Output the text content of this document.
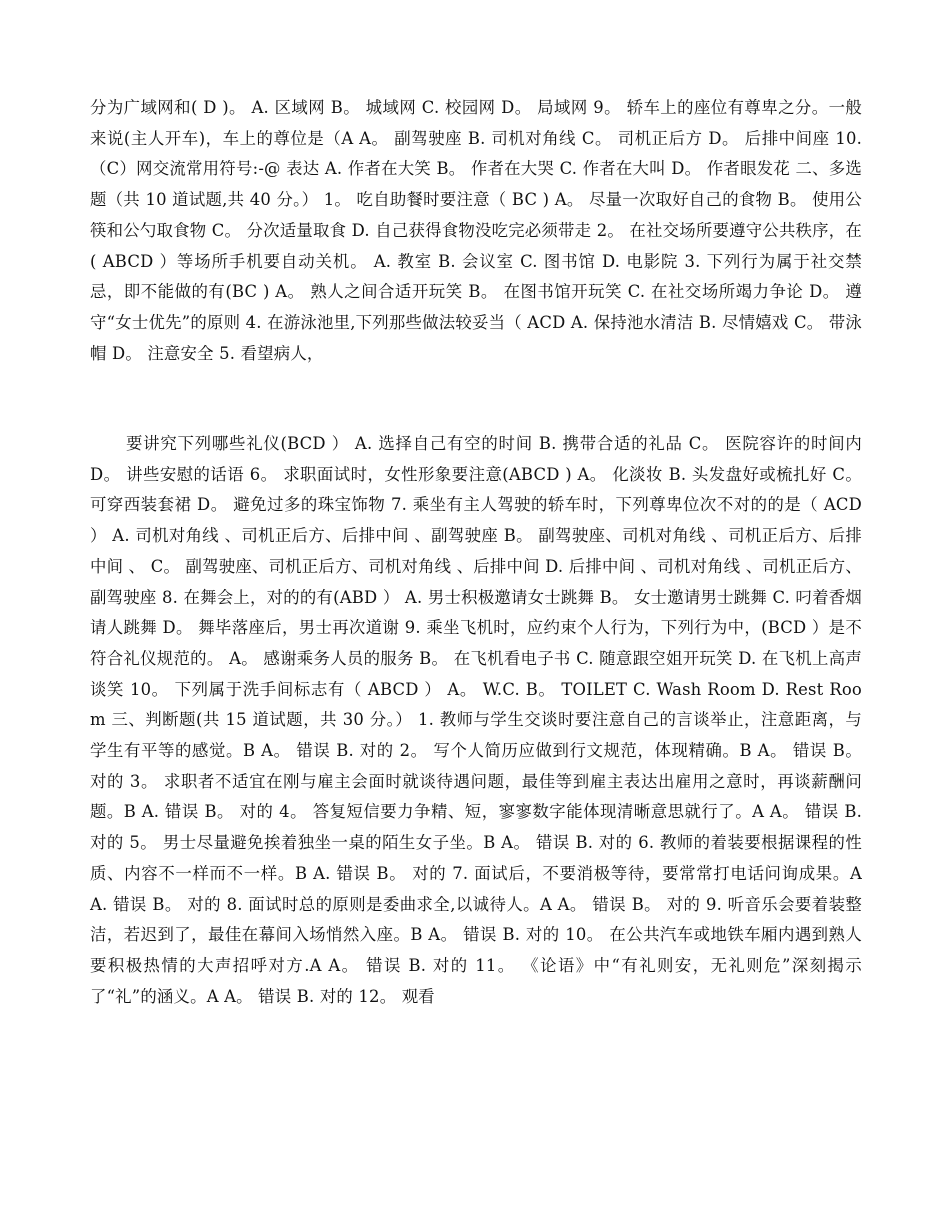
分为广域网和( D )。 A. 区域网 B。 城域网 C. 校园网 D。 局域网 9。 轿车上的座位有尊卑之分。一般来说(主人开车)，车上的尊位是（A A。 副驾驶座 B. 司机对角线 C。 司机正后方 D。 后排中间座 10. （C）网交流常用符号:-@ 表达 A. 作者在大笑 B。 作者在大哭 C. 作者在大叫 D。 作者眼发花 二、多选题（共 10 道试题,共 40 分。） 1。 吃自助餐时要注意（ BC ) A。 尽量一次取好自己的食物 B。 使用公筷和公勺取食物 C。 分次适量取食 D. 自己获得食物没吃完必须带走 2。 在社交场所要遵守公共秩序，在( ABCD ）等场所手机要自动关机。 A. 教室 B. 会议室 C. 图书馆 D. 电影院 3. 下列行为属于社交禁忌，即不能做的有(BC ) A。 熟人之间合适开玩笑 B。 在图书馆开玩笑 C. 在社交场所竭力争论 D。 遵守“女士优先”的原则 4. 在游泳池里,下列那些做法较妥当（ ACD A. 保持池水清洁 B. 尽情嬉戏 C。 带泳帽 D。 注意安全 5. 看望病人，

要讲究下列哪些礼仪(BCD ） A. 选择自己有空的时间 B. 携带合适的礼品 C。 医院容许的时间内 D。 讲些安慰的话语 6。 求职面试时，女性形象要注意(ABCD ) A。 化淡妆 B. 头发盘好或梳扎好 C。 可穿西装套裙 D。 避免过多的珠宝饰物 7. 乘坐有主人驾驶的轿车时，下列尊卑位次不对的的是（ ACD ） A. 司机对角线 、司机正后方、后排中间 、副驾驶座 B。 副驾驶座、司机对角线 、司机正后方、后排中间 、 C。 副驾驶座、司机正后方、司机对角线 、后排中间 D. 后排中间 、司机对角线 、司机正后方、副驾驶座 8. 在舞会上，对的的有(ABD ） A. 男士积极邀请女士跳舞 B。 女士邀请男士跳舞 C. 叼着香烟请人跳舞 D。 舞毕落座后，男士再次道谢 9. 乘坐飞机时，应约束个人行为，下列行为中，(BCD ）是不符合礼仪规范的。 A。 感谢乘务人员的服务 B。 在飞机看电子书 C. 随意跟空姐开玩笑 D. 在飞机上高声谈笑 10。 下列属于洗手间标志有（ ABCD ） A。 W.C. B。 TOILET C. Wash Room D. Rest Room 三、判断题(共 15 道试题，共 30 分。） 1. 教师与学生交谈时要注意自己的言谈举止，注意距离，与学生有平等的感觉。B A。 错误 B. 对的 2。 写个人简历应做到行文规范，体现精确。B A。 错误 B。 对的 3。 求职者不适宜在刚与雇主会面时就谈待遇问题，最佳等到雇主表达出雇用之意时，再谈薪酬问题。B A. 错误 B。 对的 4。 答复短信要力争精、短，寥寥数字能体现清晰意思就行了。A A。 错误 B. 对的 5。 男士尽量避免挨着独坐一桌的陌生女子坐。B A。 错误 B. 对的 6. 教师的着装要根据课程的性质、内容不一样而不一样。B A. 错误 B。 对的 7. 面试后，不要消极等待，要常常打电话问询成果。A A. 错误 B。 对的 8. 面试时总的原则是委曲求全,以诚待人。A A。 错误 B。 对的 9. 听音乐会要着装整洁，若迟到了，最佳在幕间入场悄然入座。B A。 错误 B. 对的 10。 在公共汽车或地铁车厢内遇到熟人要积极热情的大声招呼对方.A A。 错误 B. 对的 11。 《论语》中“有礼则安，无礼则危”深刻揭示了“礼”的涵义。A A。 错误 B. 对的 12。 观看
